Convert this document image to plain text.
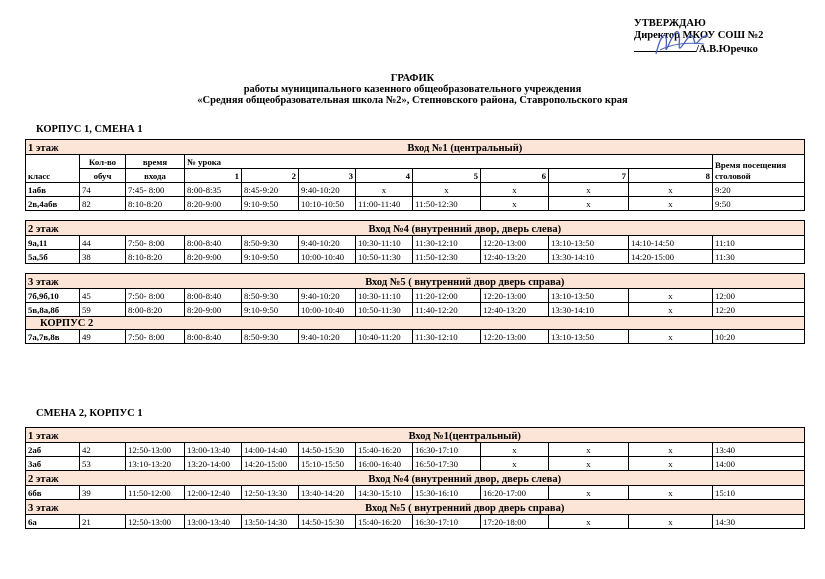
УТВЕРЖДАЮ
Директор МКОУ СОШ №2
/А.В.Юречко
ГРАФИК
работы муниципального казенного общеобразовательного учреждения
«Средняя общеобразовательная школа №2», Степновского района, Ставропольского края
КОРПУС 1, СМЕНА 1
1 этаж		Вход №1 (центральный)									
класс	Кол-во	время	№ урока								Время посещения
столовой

	обуч	входа	1	2	3	4	5	6	7	8	
1абв	74	7:45- 8:00	8:00-8:35	8:45-9:20	9:40-10:20	х	х	х	х	х	9:20
2в,4абв	82	8:10-8:20	8:20-9:00	9:10-9:50	10:10-10:50	11:00-11:40	11:50-12:30	х	х	х	9:50

2 этаж		Вход №4 (внутренний двор, дверь слева)									
9а,11	44	7:50- 8:00	8:00-8:40	8:50-9:30	9:40-10:20	10:30-11:10	11:30-12:10	12:20-13:00	13:10-13:50	14:10-14:50	11:10
5а,5б	38	8:10-8:20	8:20-9:00	9:10-9:50	10:00-10:40	10:50-11:30	11:50-12:30	12:40-13:20	13:30-14:10	14:20-15:00	11:30

3 этаж		Вход №5 ( внутренний двор дверь справа)									
7б,9б,10	45	7:50- 8:00	8:00-8:40	8:50-9:30	9:40-10:20	10:30-11:10	11:20-12:00	12:20-13:00	13:10-13:50	х	12:00
5в,8а,8б	59	8:00-8:20	8:20-9:00	9:10-9:50	10:00-10:40	10:50-11:30	11:40-12:20	12:40-13:20	13:30-14:10	х	12:20
КОРПУС 2											
7а,7в,8в	49	7:50- 8:00	8:00-8:40	8:50-9:30	9:40-10:20	10:40-11:20	11:30-12:10	12:20-13:00	13:10-13:50	х	10:20
СМЕНА 2, КОРПУС 1
1 этаж		Вход №1(центральный)									
2аб	42	12:50-13:00	13:00-13:40	14:00-14:40	14:50-15:30	15:40-16:20	16:30-17:10	х	х	х	13:40
3аб	53	13:10-13:20	13:20-14:00	14:20-15:00	15:10-15:50	16:00-16:40	16:50-17:30	х	х	х	14:00
2 этаж		Вход №4 (внутренний двор, дверь слева)									
6бв	39	11:50-12:00	12:00-12:40	12:50-13:30	13:40-14:20	14:30-15:10	15:30-16:10	16:20-17:00	х	х	15:10
3 этаж		Вход №5 ( внутренний двор дверь справа)									
6а	21	12:50-13:00	13:00-13:40	13:50-14:30	14:50-15:30	15:40-16:20	16:30-17:10	17:20-18:00	х	х	14:30
